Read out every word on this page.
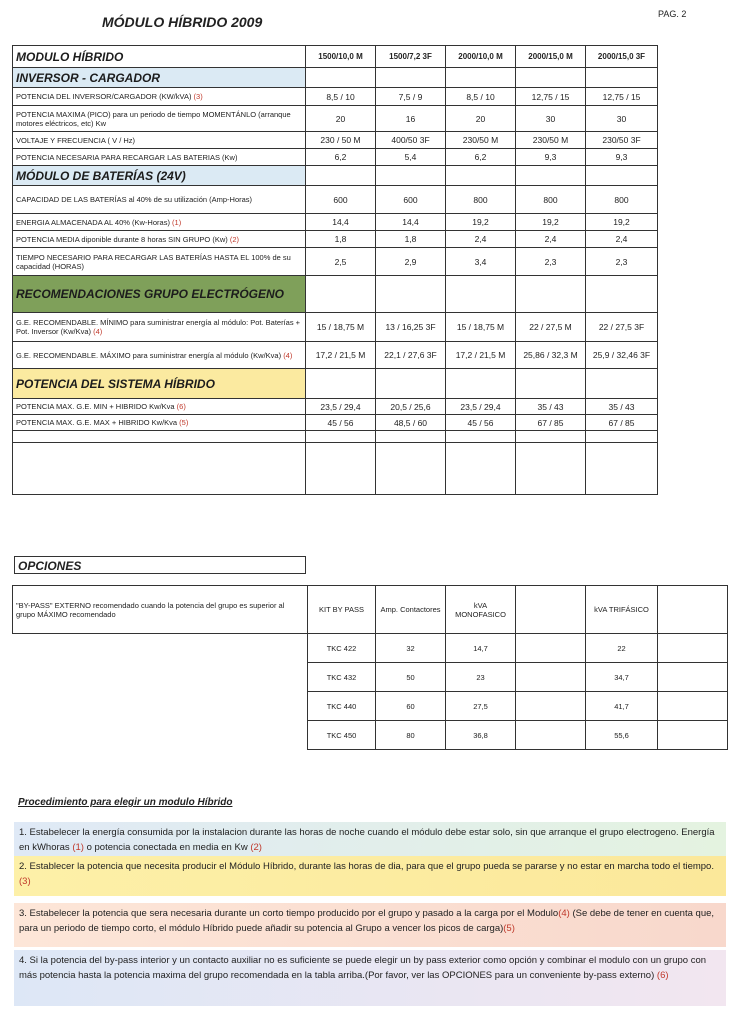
MÓDULO HÍBRIDO 2009	PAG. 2
MODULO HÍBRIDO	1500/10,0 M	1500/7,2 3F	2000/10,0 M	2000/15,0 M	2000/15,0 3F
INVERSOR - CARGADOR					
POTENCIA DEL INVERSOR/CARGADOR (KW/kVA) (3)	8,5 / 10	7,5 / 9	8,5 / 10	12,75 / 15	12,75 / 15
POTENCIA MAXIMA (PICO) para un periodo de tiempo MOMENTÁNLO (arranque motores eléctricos, etc) Kw	20	16	20	30	30
VOLTAJE Y FRECUENCIA ( V / Hz)	230 / 50 M	400/50 3F	230/50 M	230/50 M	230/50 3F
POTENCIA NECESARIA PARA RECARGAR LAS BATERIAS (Kw)	6,2	5,4	6,2	9,3	9,3
MÓDULO DE BATERÍAS (24V)					
CAPACIDAD DE LAS BATERÍAS al 40% de su utilización (Amp-Horas)	600	600	800	800	800
ENERGIA ALMACENADA AL 40% (Kw-Horas) (1)	14,4	14,4	19,2	19,2	19,2
POTENCIA MEDIA diponible durante 8 horas SIN GRUPO (Kw) (2)	1,8	1,8	2,4	2,4	2,4
TIEMPO NECESARIO PARA RECARGAR LAS BATERÍAS HASTA EL 100% de su capacidad (HORAS)	2,5	2,9	3,4	2,3	2,3
RECOMENDACIONES GRUPO ELECTRÓGENO					
G.E. RECOMENDABLE. MÍNIMO para suministrar energía al módulo: Pot. Baterías + Pot. Inversor (Kw/Kva) (4)	15 / 18,75 M	13 / 16,25 3F	15 / 18,75 M	22 / 27,5 M	22 / 27,5 3F
G.E. RECOMENDABLE. MÁXIMO para suministrar energía al módulo (Kw/Kva) (4)	17,2 / 21,5 M	22,1 / 27,6 3F	17,2 / 21,5 M	25,86 / 32,3 M	25,9 / 32,46 3F
POTENCIA DEL SISTEMA HÍBRIDO					
POTENCIA MAX. G.E. MIN + HIBRIDO Kw/Kva (6)	23,5 / 29,4	20,5 / 25,6	23,5 / 29,4	35 / 43	35 / 43
POTENCIA MAX. G.E. MAX + HIBRIDO Kw/Kva (5)	45 / 56	48,5 / 60	45 / 56	67 / 85	67 / 85

OPCIONES
"BY-PASS" EXTERNO recomendado cuando la potencia del grupo es superior al grupo MÁXIMO recomendado	KIT BY PASS	Amp. Contactores	kVA MONOFASICO		kVA TRIFÁSICO	
	TKC 422	32	14,7		22	
	TKC 432	50	23		34,7	
	TKC 440	60	27,5		41,7	
	TKC 450	80	36,8		55,6	
Procedimiento para elegir un modulo Híbrido
1. Estabelecer la energía consumida por la instalacion durante las horas de noche cuando el módulo debe estar solo, sin que arranque el grupo electrogeno. Energía en kWhoras (1) o potencia conectada en media en Kw (2)
2. Establecer la potencia que necesita producir el Módulo Híbrido, durante las horas de dia, para que el grupo pueda se pararse y no estar en marcha todo el tiempo.(3)
3. Estabelecer la potencia que sera necesaria durante un corto tiempo producido por el grupo y pasado a la carga por el Modulo(4) (Se debe de tener en cuenta que, para un periodo de tiempo corto, el módulo Híbrido puede añadir su potencia al Grupo a vencer los picos de carga)(5)
4. Si la potencia del by-pass interior y un contacto auxiliar no es suficiente se puede elegir un by pass exterior como opción y combinar el modulo con un grupo con más potencia hasta la potencia maxima del grupo recomendada en la tabla arriba.(Por favor, ver las OPCIONES para un conveniente by-pass externo) (6)
